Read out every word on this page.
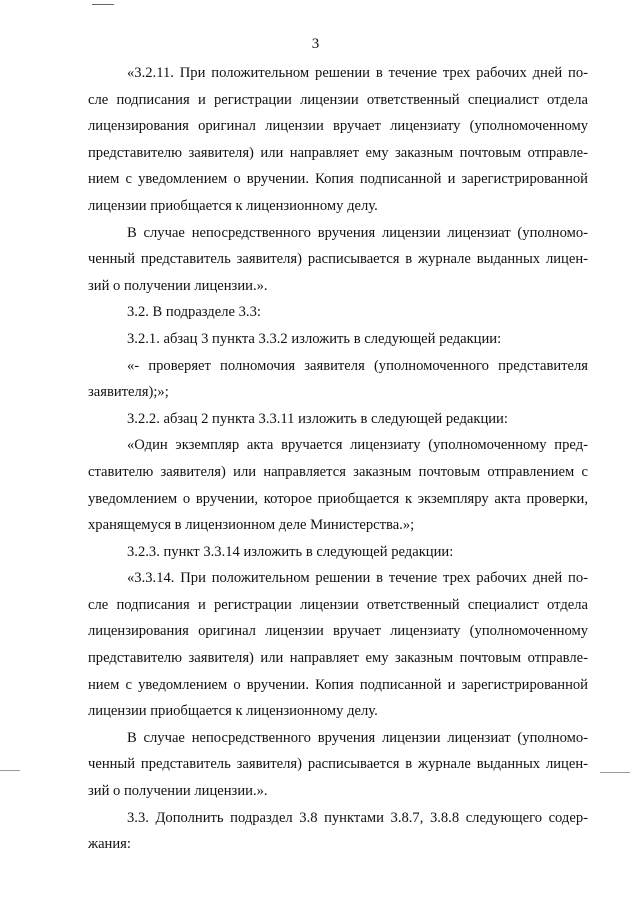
3
«3.2.11. При положительном решении в течение трех рабочих дней по-
сле подписания и регистрации лицензии ответственный специалист отдела
лицензирования оригинал лицензии вручает лицензиату (уполномоченному
представителю заявителя) или направляет ему заказным почтовым отправле-
нием с уведомлением о вручении. Копия подписанной и зарегистрированной
лицензии приобщается к лицензионному делу.
В случае непосредственного вручения лицензии лицензиат (уполномо-
ченный представитель заявителя) расписывается в журнале выданных лицен-
зий о получении лицензии.».
3.2. В подразделе 3.3:
3.2.1. абзац 3 пункта 3.3.2 изложить в следующей редакции:
«- проверяет полномочия заявителя (уполномоченного представителя
заявителя);»;
3.2.2. абзац 2 пункта 3.3.11 изложить в следующей редакции:
«Один экземпляр акта вручается лицензиату (уполномоченному пред-
ставителю заявителя) или направляется заказным почтовым отправлением с
уведомлением о вручении, которое приобщается к экземпляру акта проверки,
хранящемуся в лицензионном деле Министерства.»;
3.2.3. пункт 3.3.14 изложить в следующей редакции:
«3.3.14. При положительном решении в течение трех рабочих дней по-
сле подписания и регистрации лицензии ответственный специалист отдела
лицензирования оригинал лицензии вручает лицензиату (уполномоченному
представителю заявителя) или направляет ему заказным почтовым отправле-
нием с уведомлением о вручении. Копия подписанной и зарегистрированной
лицензии приобщается к лицензионному делу.
В случае непосредственного вручения лицензии лицензиат (уполномо-
ченный представитель заявителя) расписывается в журнале выданных лицен-
зий о получении лицензии.».
3.3. Дополнить подраздел 3.8 пунктами 3.8.7, 3.8.8 следующего содер-
жания:
